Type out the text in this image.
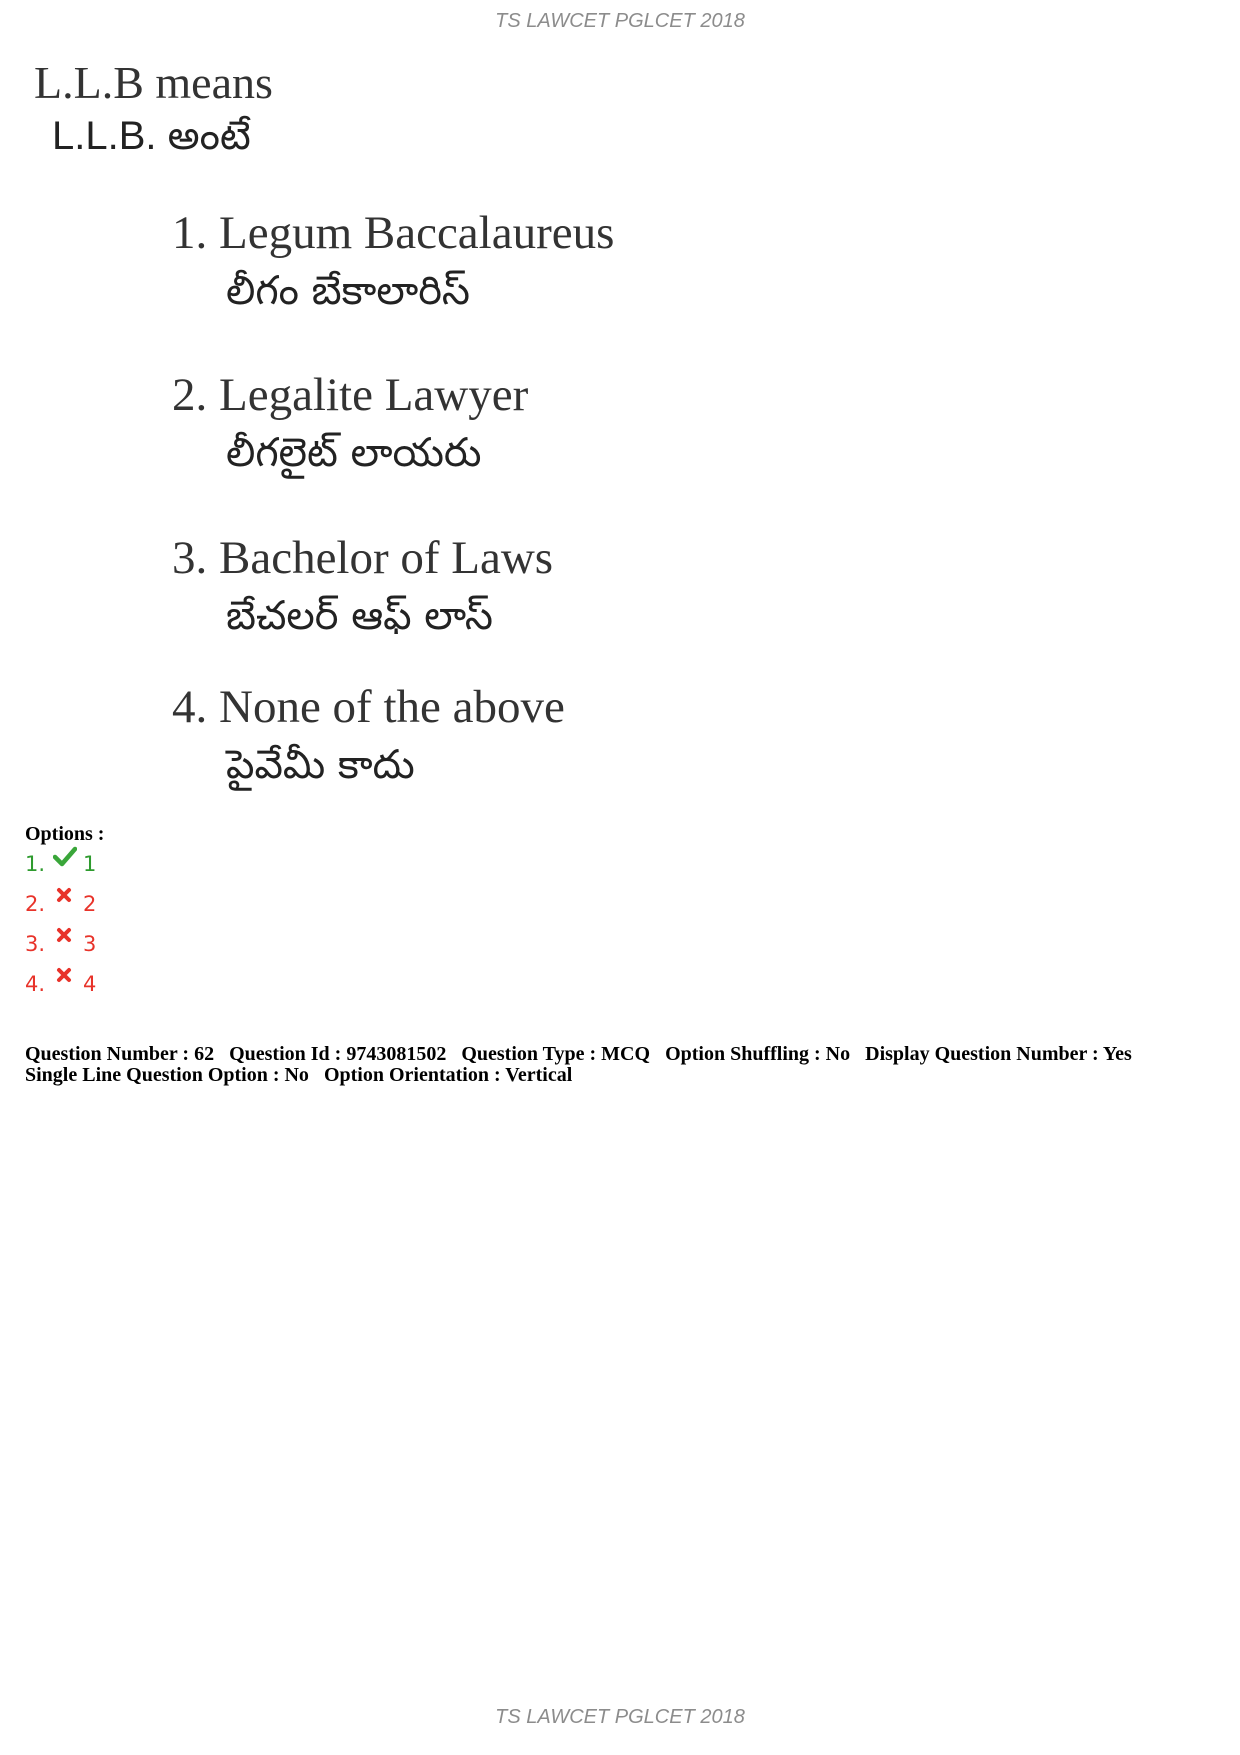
TS LAWCET PGLCET 2018
L.L.B means
L.L.B. అంటే
1. Legum Baccalaureus
లీగం బేకాలారిస్
2. Legalite Lawyer
లీగలైట్ లాయరు
3. Bachelor of Laws
బేచలర్ ఆఫ్ లాస్
4. None of the above
పైవేమీ కాదు
Options :
1. 1
2. 2
3. 3
4. 4
Question Number : 62 Question Id : 9743081502 Question Type : MCQ Option Shuffling : No Display Question Number : Yes
Single Line Question Option : No Option Orientation : Vertical
TS LAWCET PGLCET 2018
